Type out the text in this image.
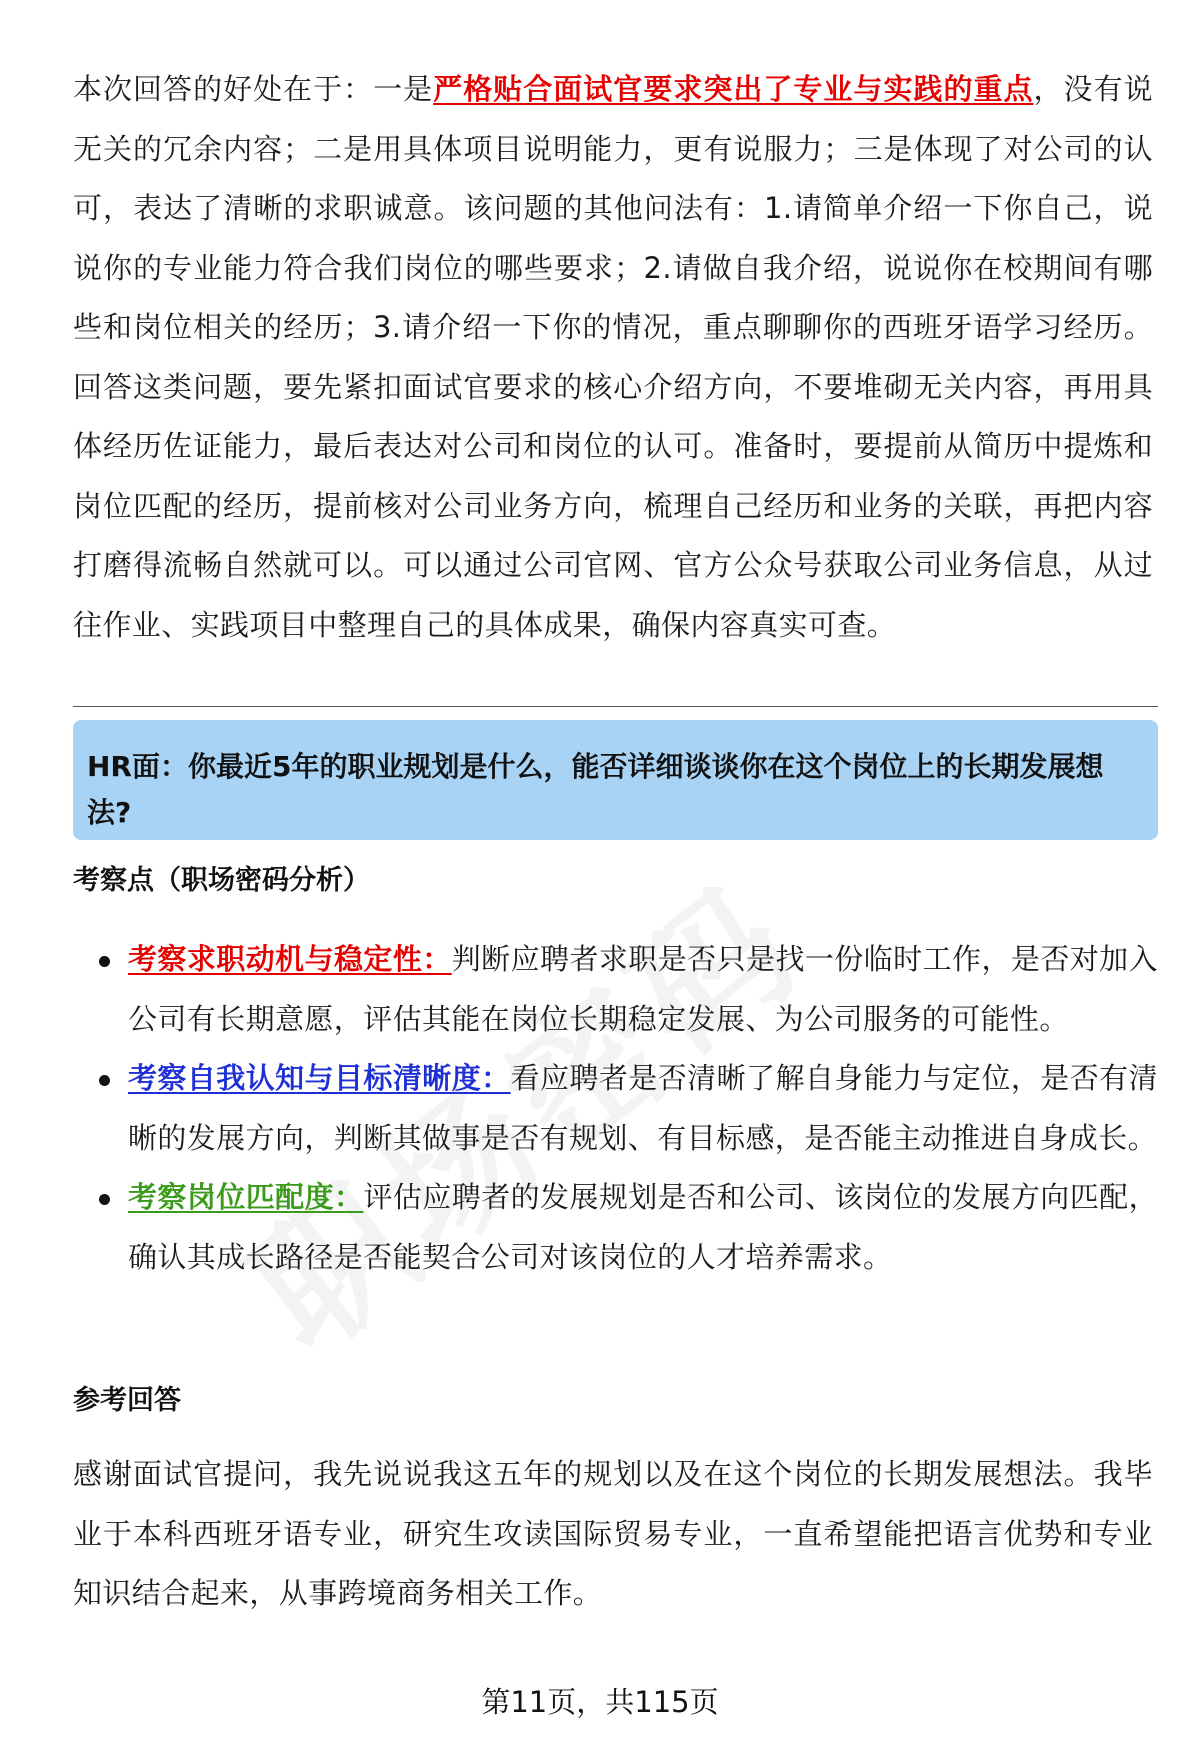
本次回答的好处在于：一是严格贴合面试官要求突出了专业与实践的重点，没有说无关的冗余内容；二是用具体项目说明能力，更有说服力；三是体现了对公司的认可，表达了清晰的求职诚意。该问题的其他问法有：1.请简单介绍一下你自己，说说你的专业能力符合我们岗位的哪些要求；2.请做自我介绍，说说你在校期间有哪些和岗位相关的经历；3.请介绍一下你的情况，重点聊聊你的西班牙语学习经历。回答这类问题，要先紧扣面试官要求的核心介绍方向，不要堆砌无关内容，再用具体经历佐证能力，最后表达对公司和岗位的认可。准备时，要提前从简历中提炼和岗位匹配的经历，提前核对公司业务方向，梳理自己经历和业务的关联，再把内容打磨得流畅自然就可以。可以通过公司官网、官方公众号获取公司业务信息，从过往作业、实践项目中整理自己的具体成果，确保内容真实可查。

HR面：你最近5年的职业规划是什么，能否详细谈谈你在这个岗位上的长期发展想法?
考察点（职场密码分析）
考察求职动机与稳定性：判断应聘者求职是否只是找一份临时工作，是否对加入公司有长期意愿，评估其能在岗位长期稳定发展、为公司服务的可能性。
考察自我认知与目标清晰度：看应聘者是否清晰了解自身能力与定位，是否有清晰的发展方向，判断其做事是否有规划、有目标感，是否能主动推进自身成长。
考察岗位匹配度：评估应聘者的发展规划是否和公司、该岗位的发展方向匹配，确认其成长路径是否能契合公司对该岗位的人才培养需求。
参考回答

感谢面试官提问，我先说说我这五年的规划以及在这个岗位的长期发展想法。我毕业于本科西班牙语专业，研究生攻读国际贸易专业，一直希望能把语言优势和专业知识结合起来，从事跨境商务相关工作。

第11页，共115页
